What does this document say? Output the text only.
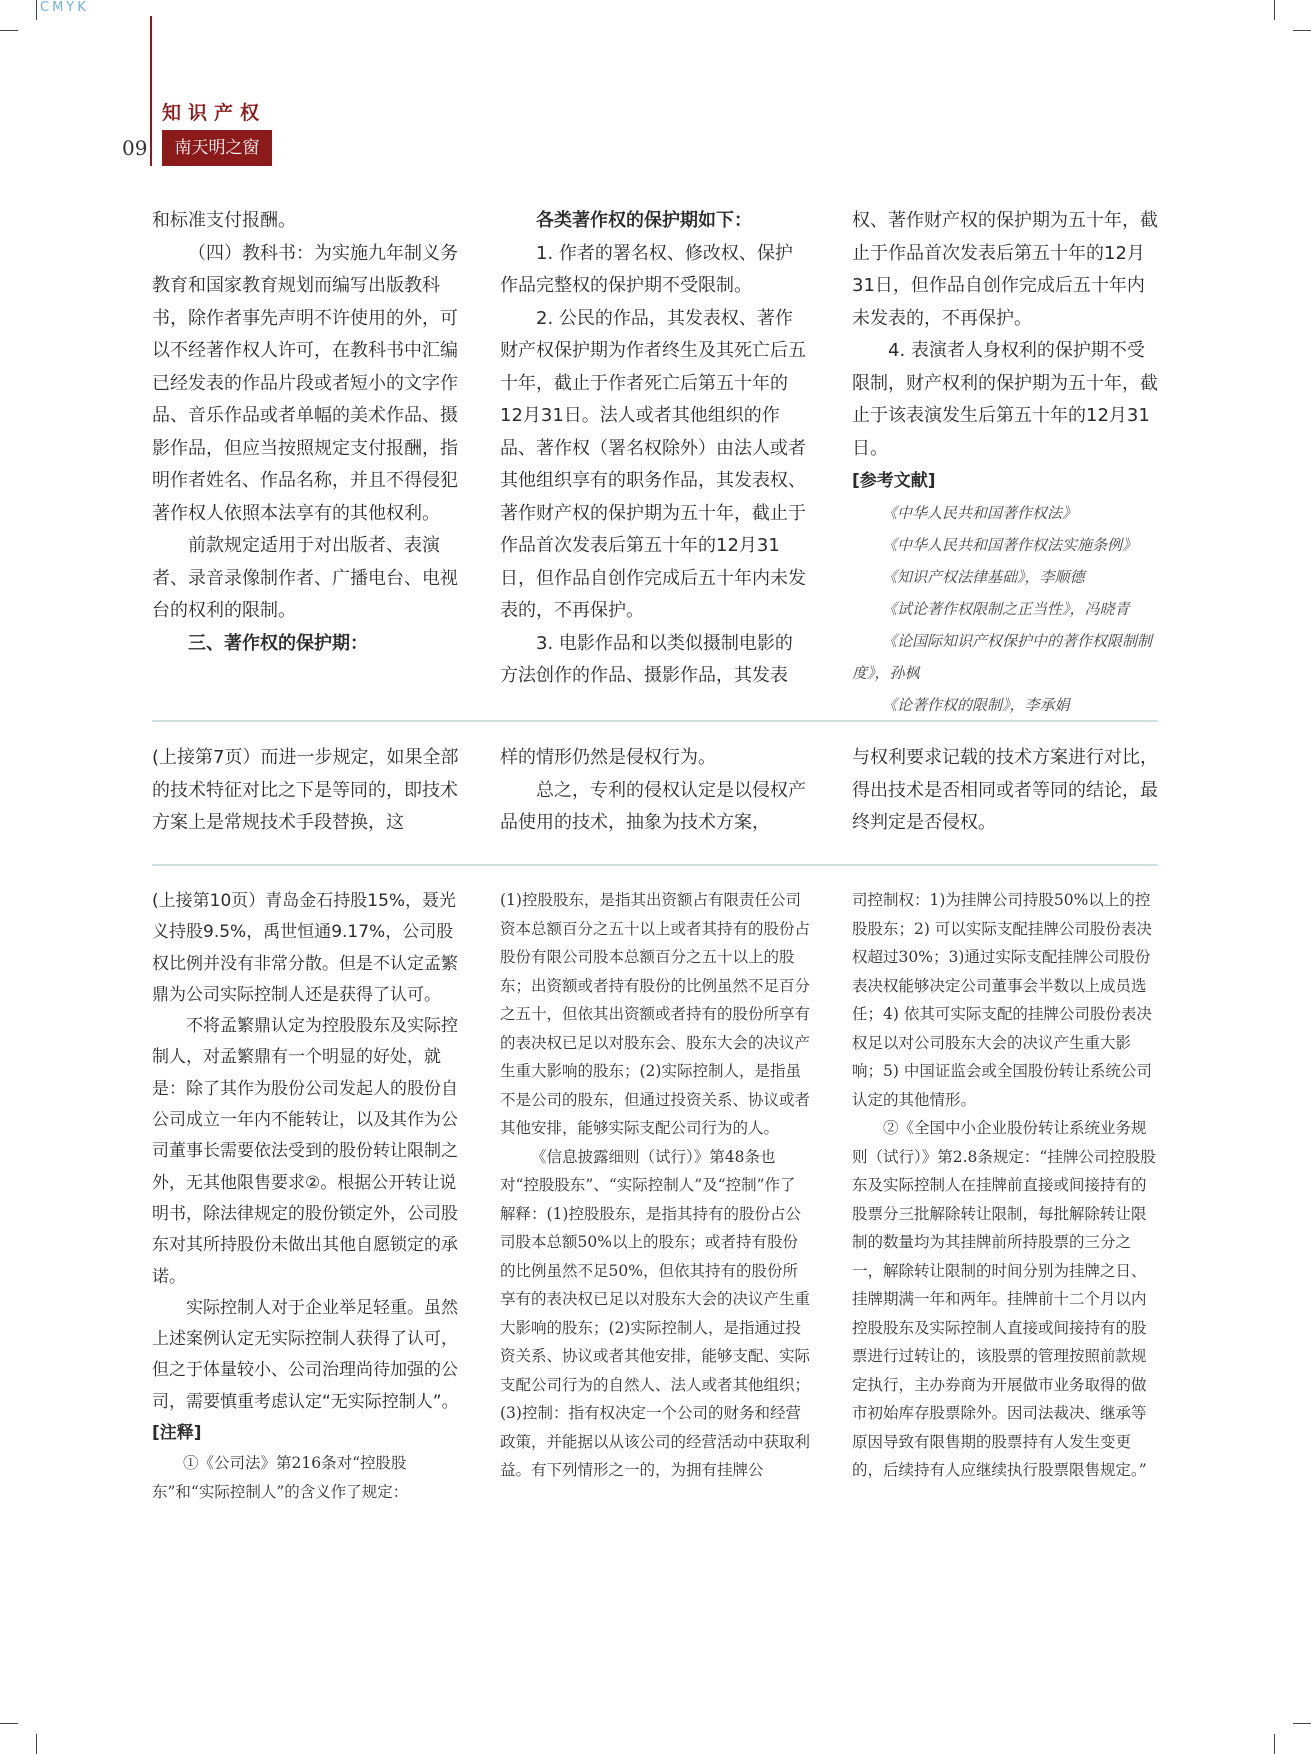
CMYK
知识产权
09	南天明之窗

和标准支付报酬。

（四）教科书：为实施九年制义务教育和国家教育规划而编写出版教科书，除作者事先声明不许使用的外，可以不经著作权人许可，在教科书中汇编已经发表的作品片段或者短小的文字作品、音乐作品或者单幅的美术作品、摄影作品，但应当按照规定支付报酬，指明作者姓名、作品名称，并且不得侵犯著作权人依照本法享有的其他权利。

前款规定适用于对出版者、表演者、录音录像制作者、广播电台、电视台的权利的限制。

三、著作权的保护期：

各类著作权的保护期如下：

1. 作者的署名权、修改权、保护作品完整权的保护期不受限制。

2. 公民的作品，其发表权、著作财产权保护期为作者终生及其死亡后五十年，截止于作者死亡后第五十年的12月31日。法人或者其他组织的作品、著作权（署名权除外）由法人或者其他组织享有的职务作品，其发表权、著作财产权的保护期为五十年，截止于作品首次发表后第五十年的12月31日，但作品自创作完成后五十年内未发表的，不再保护。

3. 电影作品和以类似摄制电影的方法创作的作品、摄影作品，其发表

权、著作财产权的保护期为五十年，截止于作品首次发表后第五十年的12月31日，但作品自创作完成后五十年内未发表的，不再保护。

4. 表演者人身权利的保护期不受限制，财产权利的保护期为五十年，截止于该表演发生后第五十年的12月31日。

[参考文献]

《中华人民共和国著作权法》

《中华人民共和国著作权法实施条例》

《知识产权法律基础》，李顺德

《试论著作权限制之正当性》，冯晓青

《论国际知识产权保护中的著作权限制制度》，孙枫

《论著作权的限制》，李承娟

(上接第7页）而进一步规定，如果全部的技术特征对比之下是等同的，即技术方案上是常规技术手段替换，这

样的情形仍然是侵权行为。

总之，专利的侵权认定是以侵权产品使用的技术，抽象为技术方案，

与权利要求记载的技术方案进行对比，得出技术是否相同或者等同的结论，最终判定是否侵权。

(上接第10页）青岛金石持股15%，聂光义持股9.5%，禹世恒通9.17%，公司股权比例并没有非常分散。但是不认定孟繁鼎为公司实际控制人还是获得了认可。

不将孟繁鼎认定为控股股东及实际控制人，对孟繁鼎有一个明显的好处，就是：除了其作为股份公司发起人的股份自公司成立一年内不能转让，以及其作为公司董事长需要依法受到的股份转让限制之外，无其他限售要求②。根据公开转让说明书，除法律规定的股份锁定外，公司股东对其所持股份未做出其他自愿锁定的承诺。

实际控制人对于企业举足轻重。虽然上述案例认定无实际控制人获得了认可，但之于体量较小、公司治理尚待加强的公司，需要慎重考虑认定“无实际控制人”。

[注释]

①《公司法》第216条对“控股股东”和“实际控制人”的含义作了规定：

(1)控股股东，是指其出资额占有限责任公司资本总额百分之五十以上或者其持有的股份占股份有限公司股本总额百分之五十以上的股东；出资额或者持有股份的比例虽然不足百分之五十，但依其出资额或者持有的股份所享有的表决权已足以对股东会、股东大会的决议产生重大影响的股东；(2)实际控制人，是指虽不是公司的股东，但通过投资关系、协议或者其他安排，能够实际支配公司行为的人。

《信息披露细则（试行）》第48条也对“控股股东”、“实际控制人”及“控制”作了解释：(1)控股股东，是指其持有的股份占公司股本总额50%以上的股东；或者持有股份的比例虽然不足50%，但依其持有的股份所享有的表决权已足以对股东大会的决议产生重大影响的股东；(2)实际控制人，是指通过投资关系、协议或者其他安排，能够支配、实际支配公司行为的自然人、法人或者其他组织；(3)控制：指有权决定一个公司的财务和经营政策，并能据以从该公司的经营活动中获取利益。有下列情形之一的，为拥有挂牌公

司控制权：1)为挂牌公司持股50%以上的控股股东；2) 可以实际支配挂牌公司股份表决权超过30%；3)通过实际支配挂牌公司股份表决权能够决定公司董事会半数以上成员选任；4) 依其可实际支配的挂牌公司股份表决权足以对公司股东大会的决议产生重大影响；5) 中国证监会或全国股份转让系统公司认定的其他情形。

②《全国中小企业股份转让系统业务规则（试行）》第2.8条规定：“挂牌公司控股股东及实际控制人在挂牌前直接或间接持有的股票分三批解除转让限制，每批解除转让限制的数量均为其挂牌前所持股票的三分之一，解除转让限制的时间分别为挂牌之日、挂牌期满一年和两年。挂牌前十二个月以内控股股东及实际控制人直接或间接持有的股票进行过转让的，该股票的管理按照前款规定执行，主办券商为开展做市业务取得的做市初始库存股票除外。因司法裁决、继承等原因导致有限售期的股票持有人发生变更的，后续持有人应继续执行股票限售规定。”
